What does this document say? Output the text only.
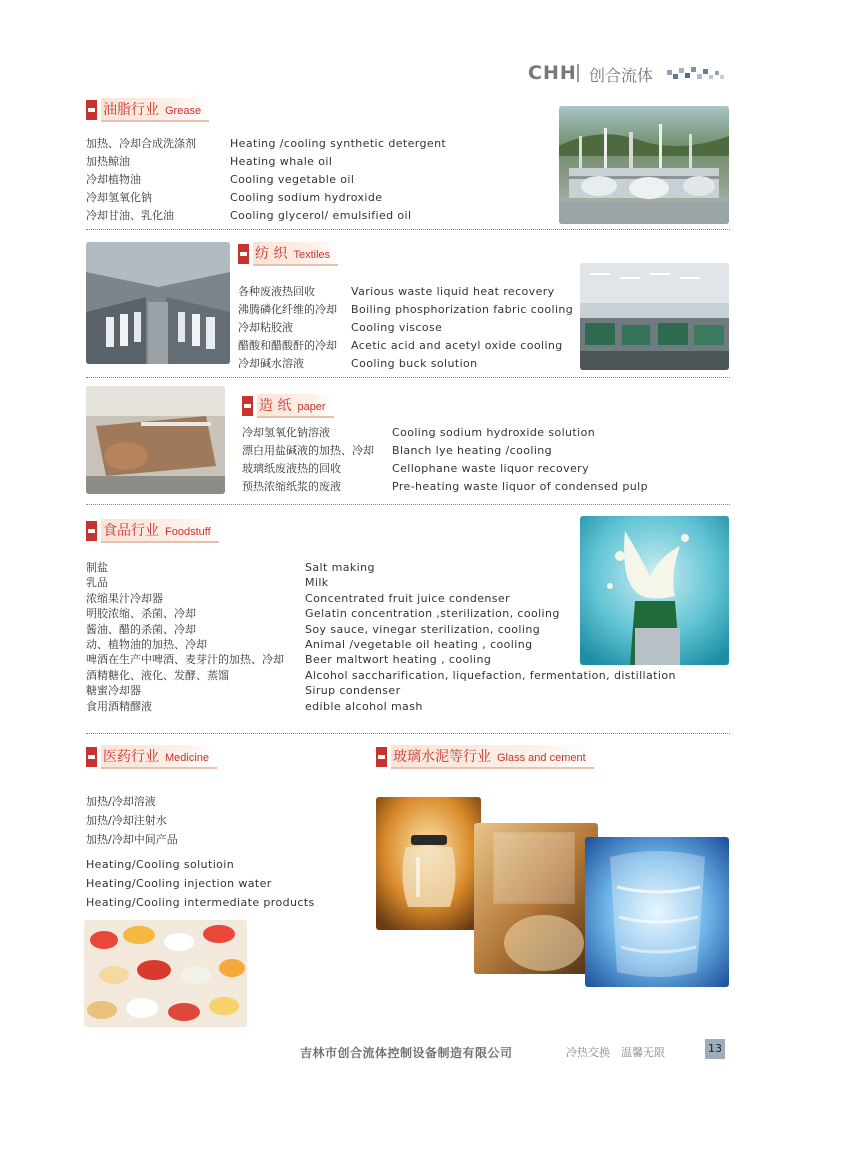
CHH 创合流体
油脂行业 Grease
加热、冷却合成洗涤剂
加热鲸油
冷却植物油
冷却氢氧化钠
冷却甘油、乳化油
Heating /cooling synthetic detergent
Heating whale oil
Cooling vegetable oil
Cooling sodium hydroxide
Cooling glycerol/ emulsified oil
纺 织 Textiles
各种废液热回收
沸腾磷化纤维的冷却
冷却粘胶液
醋酸和醋酸酐的冷却
冷却碱水溶液
Various waste liquid heat recovery
Boiling phosphorization fabric cooling
Cooling viscose
Acetic acid and acetyl oxide cooling
Cooling buck solution
造 纸 paper
冷却氢氧化钠溶液
漂白用盐碱液的加热、冷却
玻璃纸废液热的回收
预热浓缩纸浆的废液
Cooling sodium hydroxide solution
Blanch lye heating /cooling
Cellophane waste liquor recovery
Pre-heating waste liquor of condensed pulp
食品行业 Foodstuff
制盐
乳品
浓缩果汁冷却器
明胶浓缩、杀菌、冷却
酱油、醋的杀菌、冷却
动、植物油的加热、冷却
啤酒在生产中啤酒、麦芽汁的加热、冷却
酒精糖化、液化、发酵、蒸馏
糖蜜冷却器
食用酒精醪液
Salt making
Milk
Concentrated fruit juice condenser
Gelatin concentration ,sterilization, cooling
Soy sauce, vinegar sterilization, cooling
Animal /vegetable oil heating , cooling
Beer maltwort heating , cooling
Alcohol saccharification, liquefaction, fermentation, distillation
Sirup condenser
edible alcohol mash
医药行业 Medicine
加热/冷却溶液
加热/冷却注射水
加热/冷却中间产品
Heating/Cooling solutioin
Heating/Cooling injection water
Heating/Cooling intermediate products
玻璃水泥等行业 Glass and cement
吉林市创合流体控制设备制造有限公司	冷热交换　温馨无限	13
